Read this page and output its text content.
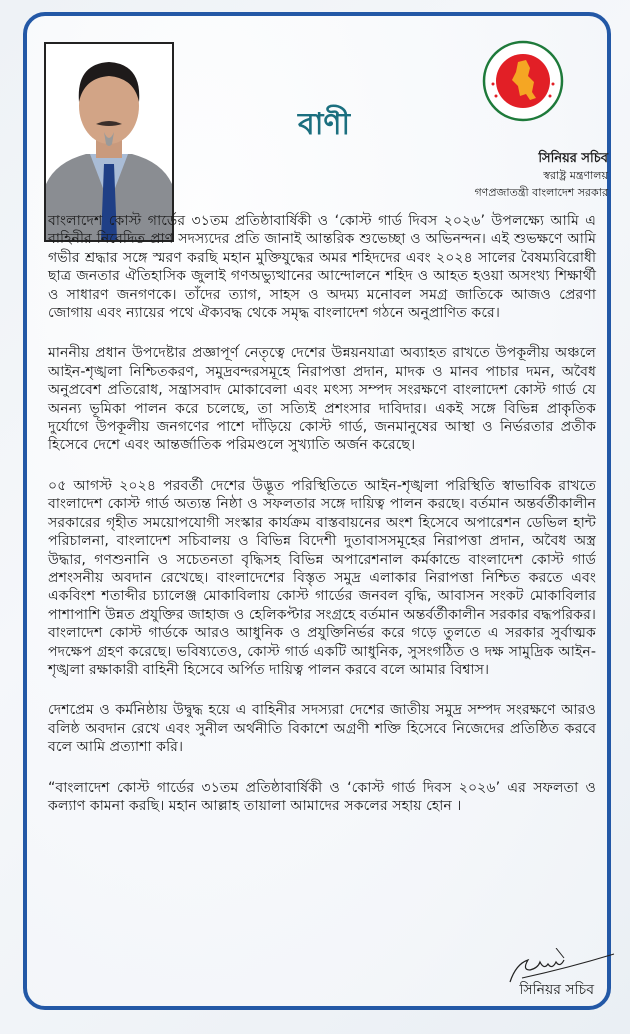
বাণী
সিনিয়র সচিব
স্বরাষ্ট্র মন্ত্রণালয়
গণপ্রজাতন্ত্রী বাংলাদেশ সরকার

বাংলাদেশ কোস্ট গার্ডের ৩১তম প্রতিষ্ঠাবার্ষিকী ও ‘কোস্ট গার্ড দিবস ২০২৬’ উপলক্ষ্যে আমি এ বাহিনীর নিবেদিত প্রাণ সদস্যদের প্রতি জানাই আন্তরিক শুভেচ্ছা ও অভিনন্দন। এই শুভক্ষণে আমি গভীর শ্রদ্ধার সঙ্গে স্মরণ করছি মহান মুক্তিযুদ্ধের অমর শহিদদের এবং ২০২৪ সালের বৈষম্যবিরোধী ছাত্র জনতার ঐতিহাসিক জুলাই গণঅভ্যুত্থানের আন্দোলনে শহিদ ও আহত হওয়া অসংখ্য শিক্ষার্থী ও সাধারণ জনগণকে। তাঁদের ত্যাগ, সাহস ও অদম্য মনোবল সমগ্র জাতিকে আজও প্রেরণা জোগায় এবং ন্যায়ের পথে ঐক্যবদ্ধ থেকে সমৃদ্ধ বাংলাদেশ গঠনে অনুপ্রাণিত করে।

মাননীয় প্রধান উপদেষ্টার প্রজ্ঞাপূর্ণ নেতৃত্বে দেশের উন্নয়নযাত্রা অব্যাহত রাখতে উপকূলীয় অঞ্চলে আইন-শৃঙ্খলা নিশ্চিতকরণ, সমুদ্রবন্দরসমূহে নিরাপত্তা প্রদান, মাদক ও মানব পাচার দমন, অবৈধ অনুপ্রবেশ প্রতিরোধ, সন্ত্রাসবাদ মোকাবেলা এবং মৎস্য সম্পদ সংরক্ষণে বাংলাদেশ কোস্ট গার্ড যে অনন্য ভূমিকা পালন করে চলেছে, তা সত্যিই প্রশংসার দাবিদার। একই সঙ্গে বিভিন্ন প্রাকৃতিক দুর্যোগে উপকূলীয় জনগণের পাশে দাঁড়িয়ে কোস্ট গার্ড, জনমানুষের আস্থা ও নির্ভরতার প্রতীক হিসেবে দেশে এবং আন্তর্জাতিক পরিমণ্ডলে সুখ্যাতি অর্জন করেছে।

০৫ আগস্ট ২০২৪ পরবর্তী দেশের উদ্ভূত পরিস্থিতিতে আইন-শৃঙ্খলা পরিস্থিতি স্বাভাবিক রাখতে বাংলাদেশ কোস্ট গার্ড অত্যন্ত নিষ্ঠা ও সফলতার সঙ্গে দায়িত্ব পালন করছে। বর্তমান অন্তর্বর্তীকালীন সরকারের গৃহীত সময়োপযোগী সংস্কার কার্যক্রম বাস্তবায়নের অংশ হিসেবে অপারেশন ডেভিল হান্ট পরিচালনা, বাংলাদেশ সচিবালয় ও বিভিন্ন বিদেশী দুতাবাসসমূহের নিরাপত্তা প্রদান, অবৈধ অস্ত্র উদ্ধার, গণশুনানি ও সচেতনতা বৃদ্ধিসহ বিভিন্ন অপারেশনাল কর্মকান্ডে বাংলাদেশ কোস্ট গার্ড প্রশংসনীয় অবদান রেখেছে। বাংলাদেশের বিস্তৃত সমুদ্র এলাকার নিরাপত্তা নিশ্চিত করতে এবং একবিংশ শতাব্দীর চ্যালেঞ্জ মোকাবিলায় কোস্ট গার্ডের জনবল বৃদ্ধি, আবাসন সংকট মোকাবিলার পাশাপাশি উন্নত প্রযুক্তির জাহাজ ও হেলিকপ্টার সংগ্রহে বর্তমান অন্তর্বর্তীকালীন সরকার বদ্ধপরিকর। বাংলাদেশ কোস্ট গার্ডকে আরও আধুনিক ও প্রযুক্তিনির্ভর করে গড়ে তুলতে এ সরকার সুর্বাত্মক পদক্ষেপ গ্রহণ করেছে। ভবিষ্যতেও, কোস্ট গার্ড একটি আধুনিক, সুসংগঠিত ও দক্ষ সামুদ্রিক আইন-শৃঙ্খলা রক্ষাকারী বাহিনী হিসেবে অর্পিত দায়িত্ব পালন করবে বলে আমার বিশ্বাস।

দেশপ্রেম ও কর্মনিষ্ঠায় উদ্বুদ্ধ হয়ে এ বাহিনীর সদস্যরা দেশের জাতীয় সমুদ্র সম্পদ সংরক্ষণে আরও বলিষ্ঠ অবদান রেখে এবং সুনীল অর্থনীতি বিকাশে অগ্রণী শক্তি হিসেবে নিজেদের প্রতিষ্ঠিত করবে বলে আমি প্রত্যাশা করি।

“বাংলাদেশ কোস্ট গার্ডের ৩১তম প্রতিষ্ঠাবার্ষিকী ও ‘কোস্ট গার্ড দিবস ২০২৬’ এর সফলতা ও কল্যাণ কামনা করছি। মহান আল্লাহ তায়ালা আমাদের সকলের সহায় হোন ।

সিনিয়র সচিব
